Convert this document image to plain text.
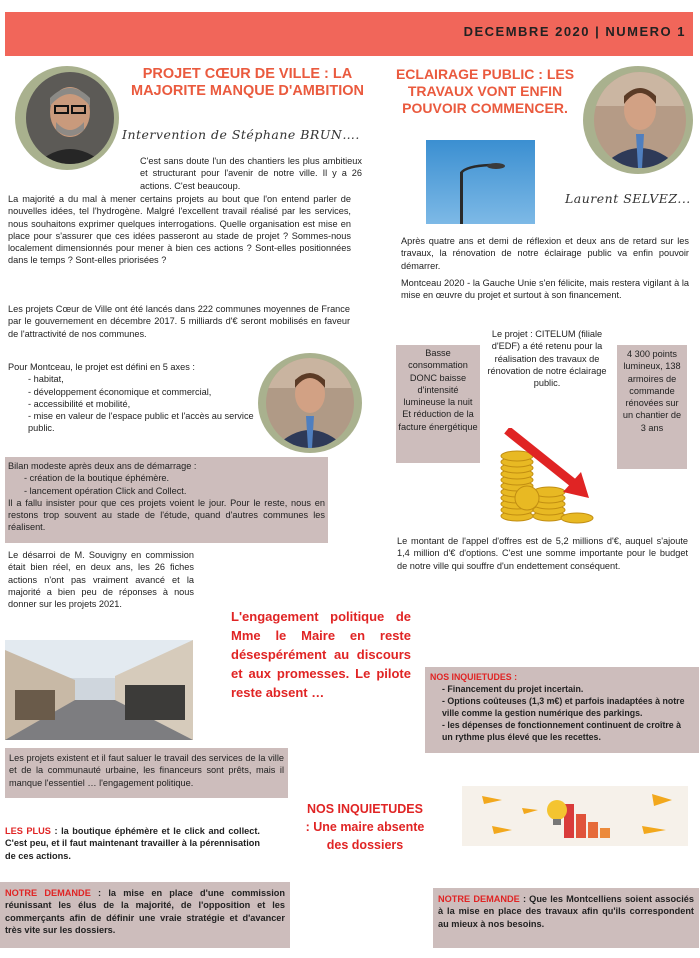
DECEMBRE 2020 | NUMERO 1
PROJET CŒUR DE VILLE : LA MAJORITE MANQUE D'AMBITION
Intervention de Stéphane BRUN….
C'est sans doute l'un des chantiers les plus ambitieux et structurant pour l'avenir de notre ville. Il y a 26 actions. C'est beaucoup.
La majorité a du mal à mener certains projets au bout que l'on entend parler de nouvelles idées, tel l'hydrogène. Malgré l'excellent travail réalisé par les services, nous souhaitons exprimer quelques interrogations. Quelle organisation est mise en place pour s'assurer que ces idées passeront au stade de projet ? Sommes-nous localement dimensionnés pour mener à bien ces actions ? Sont-elles positionnées dans le temps ? Sont-elles priorisées ?
Les projets Cœur de Ville ont été lancés dans 222 communes moyennes de France par le gouvernement en décembre 2017. 5 milliards d'€ seront mobilisés en faveur de l'attractivité de nos communes.
Pour Montceau, le projet est défini en 5 axes :
- habitat,
- développement économique et commercial,
- accessibilité et mobilité,
- mise en valeur de l'espace public et l'accès au service public.
Bilan modeste après deux ans de démarrage :
- création de la boutique éphémère.
- lancement opération Click and Collect.
Il a fallu insister pour que ces projets voient le jour. Pour le reste, nous en restons trop souvent au stade de l'étude, quand d'autres communes les réalisent.
Le désarroi de M. Souvigny en commission était bien réel, en deux ans, les 26 fiches actions n'ont pas vraiment avancé et la majorité a bien peu de réponses à nous donner sur les projets 2021.
L'engagement politique de Mme le Maire en reste désespérément au discours et aux promesses. Le pilote reste absent …
Les projets existent et il faut saluer le travail des services de la ville et de la communauté urbaine, les financeurs sont prêts, mais il manque l'essentiel … l'engagement politique.
LES PLUS : la boutique éphémère et le click and collect. C'est peu, et il faut maintenant travailler à la pérennisation de ces actions.
NOTRE DEMANDE : la mise en place d'une commission réunissant les élus de la majorité, de l'opposition et les commerçants afin de définir une vraie stratégie et d'avancer très vite sur les dossiers.
ECLAIRAGE PUBLIC : LES TRAVAUX VONT ENFIN POUVOIR COMMENCER.
Laurent SELVEZ...
Après quatre ans et demi de réflexion et deux ans de retard sur les travaux, la rénovation de notre éclairage public va enfin pouvoir démarrer.
Montceau 2020 - la Gauche Unie s'en félicite, mais restera vigilant à la mise en œuvre du projet et surtout à son financement.
Le projet : CITELUM (filiale d'EDF) a été retenu pour la réalisation des travaux de rénovation de notre éclairage public.
Basse consommation DONC baisse d'intensité lumineuse la nuit Et réduction de la facture énergétique
4 300 points lumineux, 138 armoires de commande rénovées sur un chantier de 3 ans
Le montant de l'appel d'offres est de 5,2 millions d'€, auquel s'ajoute 1,4 million d'€ d'options. C'est une somme importante pour le budget de notre ville qui souffre d'un endettement conséquent.
NOS INQUIETUDES :
- Financement du projet incertain.
- Options coûteuses (1,3 m€) et parfois inadaptées à notre ville comme la gestion numérique des parkings.
- les dépenses de fonctionnement continuent de croître à un rythme plus élevé que les recettes.
NOS INQUIETUDES : Une maire absente des dossiers
NOTRE DEMANDE : Que les Montcelliens soient associés à la mise en place des travaux afin qu'ils correspondent au mieux à nos besoins.
